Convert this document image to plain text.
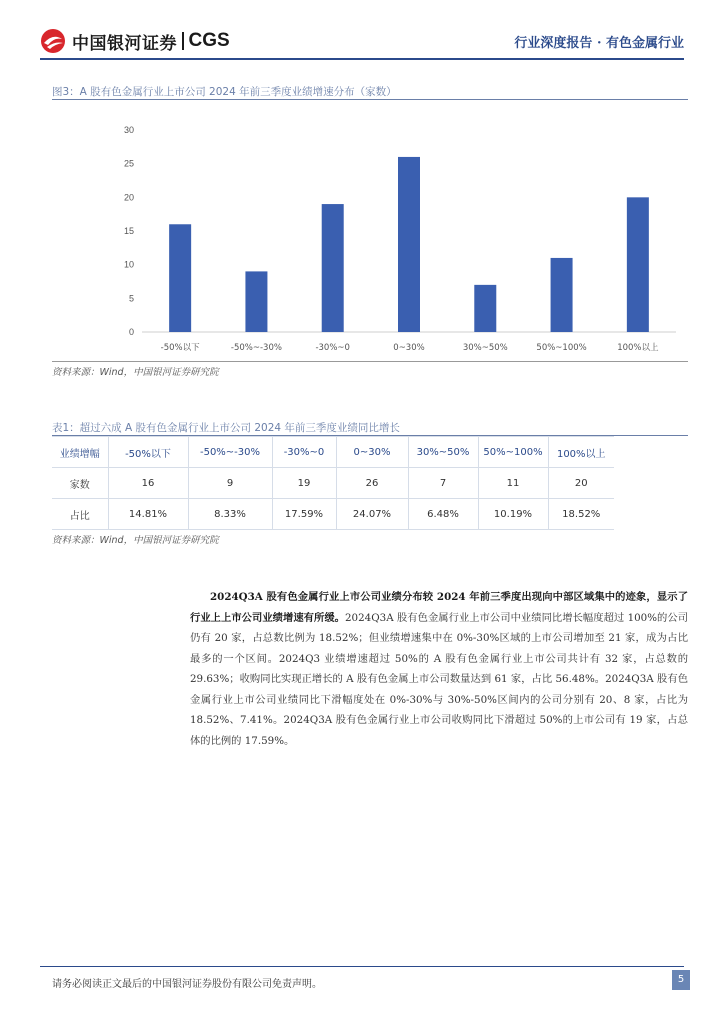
中国银河证券 CGS	行业深度报告 · 有色金属行业
图3：A 股有色金属行业上市公司 2024 年前三季度业绩增速分布（家数）
0
5
10
15
20
25
30
-50%以下	-50%~-30%	-30%~0	0~30%	30%~50%	50%~100%	100%以上
资料来源：Wind，中国银河证券研究院
表1：超过六成 A 股有色金属行业上市公司 2024 年前三季度业绩同比增长
业绩增幅	-50%以下	-50%~-30%	-30%~0	0~30%	30%~50%	50%~100%	100%以上
家数	16	9	19	26	7	11	20
占比	14.81%	8.33%	17.59%	24.07%	6.48%	10.19%	18.52%
资料来源：Wind，中国银河证券研究院
2024Q3A 股有色金属行业上市公司业绩分布较 2024 年前三季度出现向中部区域集中的迹象，显示了行业上上市公司业绩增速有所缓。2024Q3A 股有色金属行业上市公司中业绩同比增长幅度超过 100%的公司仍有 20 家，占总数比例为 18.52%；但业绩增速集中在 0%-30%区域的上市公司增加至 21 家，成为占比最多的一个区间。2024Q3 业绩增速超过 50%的 A 股有色金属行业上市公司共计有 32 家，占总数的 29.63%；收购同比实现正增长的 A 股有色金属上市公司数量达到 61 家，占比 56.48%。2024Q3A 股有色金属行业上市公司业绩同比下滑幅度处在 0%-30%与 30%-50%区间内的公司分别有 20、8 家，占比为 18.52%、7.41%。2024Q3A 股有色金属行业上市公司收购同比下滑超过 50%的上市公司有 19 家，占总体的比例的 17.59%。
请务必阅读正文最后的中国银河证券股份有限公司免责声明。	5
